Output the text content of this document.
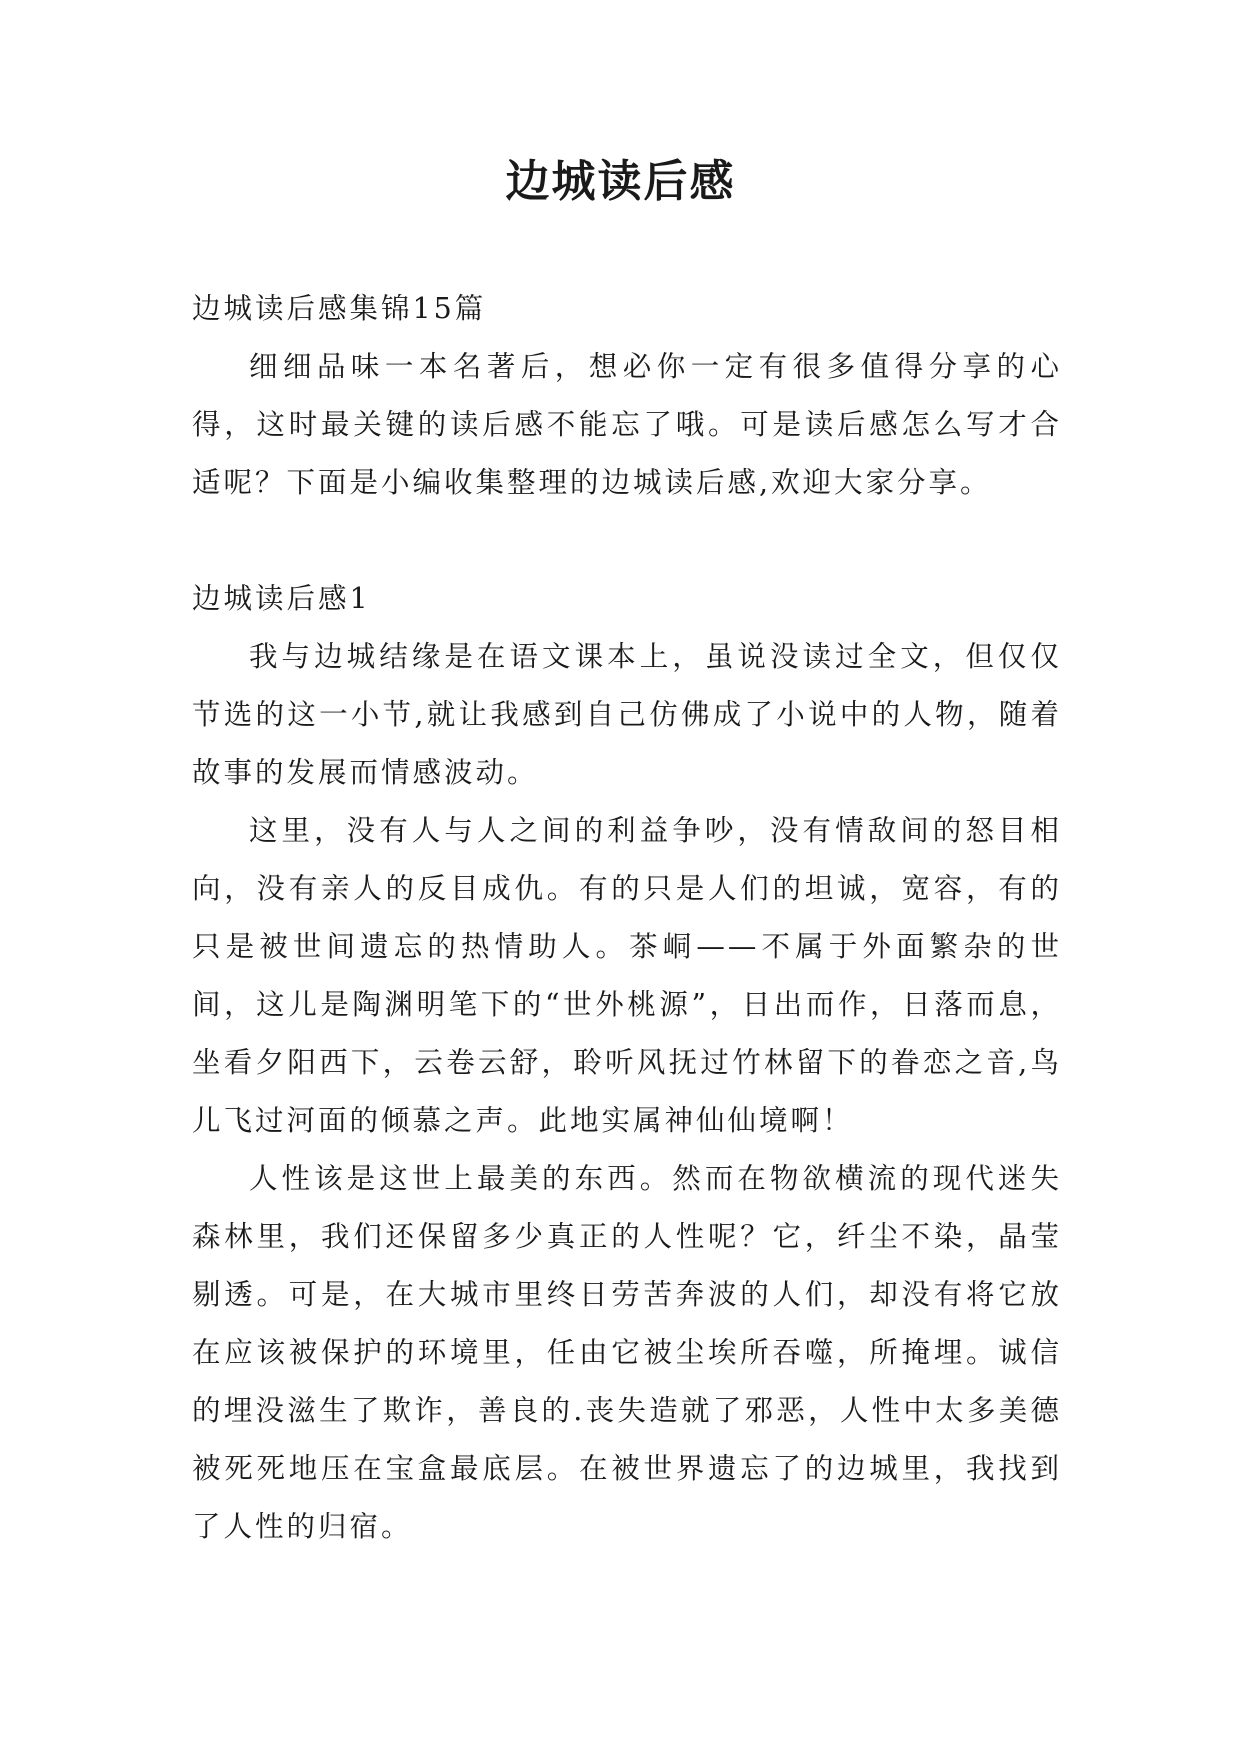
边城读后感

边城读后感集锦15篇

细细品味一本名著后，想必你一定有很多值得分享的心得，这时最关键的读后感不能忘了哦。可是读后感怎么写才合适呢？下面是小编收集整理的边城读后感,欢迎大家分享。

边城读后感1

我与边城结缘是在语文课本上，虽说没读过全文，但仅仅节选的这一小节,就让我感到自己仿佛成了小说中的人物，随着故事的发展而情感波动。

这里，没有人与人之间的利益争吵，没有情敌间的怒目相向，没有亲人的反目成仇。有的只是人们的坦诚，宽容，有的只是被世间遗忘的热情助人。茶峒——不属于外面繁杂的世间，这儿是陶渊明笔下的“世外桃源”，日出而作，日落而息，坐看夕阳西下，云卷云舒，聆听风抚过竹林留下的眷恋之音,鸟儿飞过河面的倾慕之声。此地实属神仙仙境啊！

人性该是这世上最美的东西。然而在物欲横流的现代迷失森林里，我们还保留多少真正的人性呢？它，纤尘不染，晶莹剔透。可是，在大城市里终日劳苦奔波的人们，却没有将它放在应该被保护的环境里，任由它被尘埃所吞噬，所掩埋。诚信的埋没滋生了欺诈，善良的.丧失造就了邪恶，人性中太多美德被死死地压在宝盒最底层。在被世界遗忘了的边城里，我找到了人性的归宿。
